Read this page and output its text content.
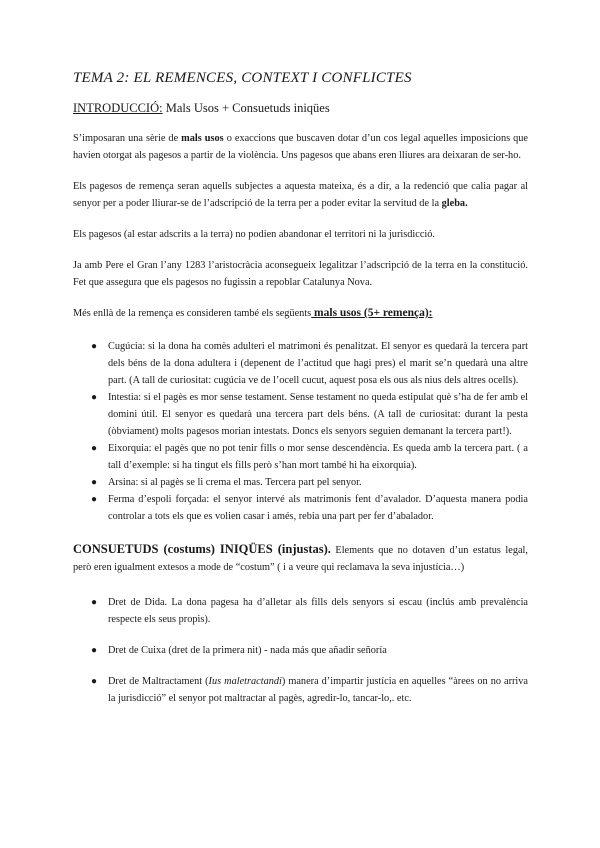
TEMA 2: EL REMENCES, CONTEXT I CONFLICTES
INTRODUCCIÓ: Mals Usos + Consuetuds iniqües

S’imposaran una sèrie de mals usos o exaccions que buscaven dotar d’un cos legal aquelles imposicions que havien otorgat als pagesos a partir de la violència. Uns pagesos que abans eren lliures ara deixaran de ser-ho.

Els pagesos de remença seran aquells subjectes a aquesta mateixa, és a dir, a la redenció que calia pagar al senyor per a poder lliurar-se de l’adscripció de la terra per a poder evitar la servitud de la gleba.

Els pagesos (al estar adscrits a la terra) no podien abandonar el territori ni la jurisdicció.

Ja amb Pere el Gran l’any 1283 l’aristocràcia aconsegueix legalitzar l’adscripció de la terra en la constitució. Fet que assegura que els pagesos no fugissin a repoblar Catalunya Nova.

Més enllà de la remença es consideren també els següents mals usos (5+ remença):

● Cugúcia: si la dona ha comès adulteri el matrimoni és penalitzat. El senyor es quedarà la tercera part dels béns de la dona adultera i (depenent de l’actitud que hagi pres) el marit se’n quedarà una altre part. (A tall de curiositat: cugúcia ve de l’ocell cucut, aquest posa els ous als nius dels altres ocells).
● Intestia: si el pagès es mor sense testament. Sense testament no queda estipulat què s’ha de fer amb el domini útil. El senyor es quedarà una tercera part dels béns. (A tall de curiositat: durant la pesta (òbviament) molts pagesos morian intestats. Doncs els senyors seguien demanant la tercera part!).
● Eixorquia: el pagès que no pot tenir fills o mor sense descendència. Es queda amb la tercera part. ( a tall d’exemple: si ha tingut els fills però s’han mort també hi ha eixorquia).
● Arsina: si al pagès se li crema el mas. Tercera part pel senyor.
● Ferma d’espoli forçada: el senyor intervé als matrimonis fent d’avalador. D’aquesta manera podia controlar a tots els que es volien casar i amés, rebia una part per fer d’abalador.

CONSUETUDS (costums) INIQÜES (injustas). Elements que no dotaven d’un estatus legal, però eren igualment extesos a mode de “costum” ( i a veure qui reclamava la seva injustícia…)

● Dret de Dida. La dona pagesa ha d’alletar als fills dels senyors si escau (inclús amb prevalència respecte els seus propis).
● Dret de Cuixa (dret de la primera nit) - nada más que añadir señoría
● Dret de Maltractament (Ius maletractandi) manera d’impartir justícia en aquelles “àrees on no arriva la jurisdicció” el senyor pot maltractar al pagès, agredir-lo, tancar-lo,. etc.
